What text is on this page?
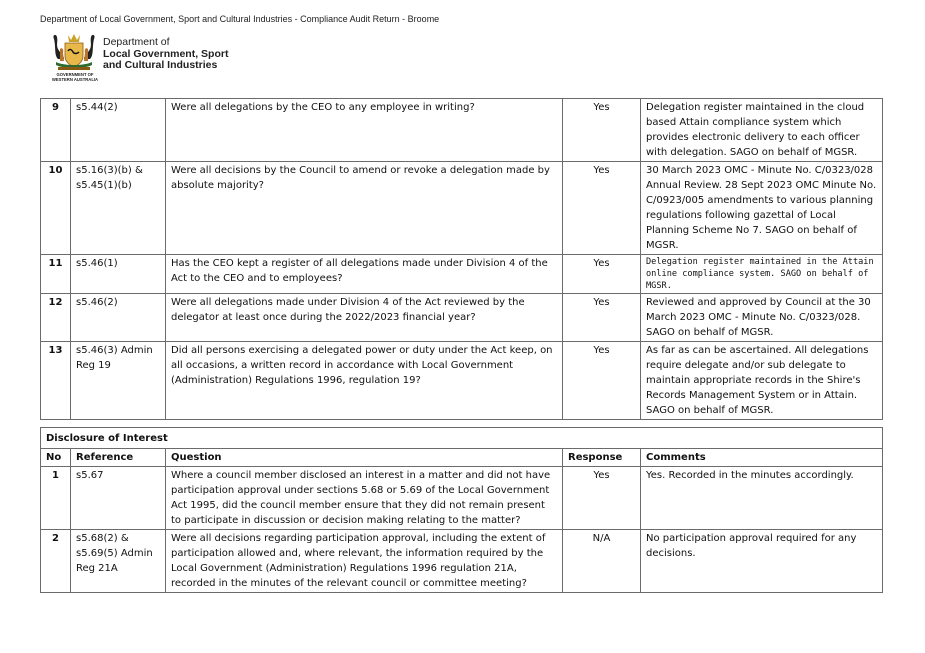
Department of Local Government, Sport and Cultural Industries - Compliance Audit Return - Broome
GOVERNMENT OF
WESTERN AUSTRALIA
Department of
Local Government, Sport
and Cultural Industries
9	s5.44(2)	Were all delegations by the CEO to any employee in writing?	Yes	Delegation register maintained in the cloud based Attain compliance system which provides electronic delivery to each officer with delegation. SAGO on behalf of MGSR.
10	s5.16(3)(b) & s5.45(1)(b)	Were all decisions by the Council to amend or revoke a delegation made by absolute majority?	Yes	30 March 2023 OMC - Minute No. C/0323/028 Annual Review. 28 Sept 2023 OMC Minute No. C/0923/005 amendments to various planning regulations following gazettal of Local Planning Scheme No 7. SAGO on behalf of MGSR.
11	s5.46(1)	Has the CEO kept a register of all delegations made under Division 4 of the Act to the CEO and to employees?	Yes	Delegation register maintained in the Attain online compliance system. SAGO on behalf of MGSR.
12	s5.46(2)	Were all delegations made under Division 4 of the Act reviewed by the delegator at least once during the 2022/2023 financial year?	Yes	Reviewed and approved by Council at the 30 March 2023 OMC - Minute No. C/0323/028. SAGO on behalf of MGSR.
13	s5.46(3) Admin Reg 19	Did all persons exercising a delegated power or duty under the Act keep, on all occasions, a written record in accordance with Local Government (Administration) Regulations 1996, regulation 19?	Yes	As far as can be ascertained. All delegations require delegate and/or sub delegate to maintain appropriate records in the Shire's Records Management System or in Attain. SAGO on behalf of MGSR.
Disclosure of Interest				
No	Reference	Question	Response	Comments
1	s5.67	Where a council member disclosed an interest in a matter and did not have participation approval under sections 5.68 or 5.69 of the Local Government Act 1995, did the council member ensure that they did not remain present to participate in discussion or decision making relating to the matter?	Yes	Yes. Recorded in the minutes accordingly.
2	s5.68(2) & s5.69(5) Admin Reg 21A	Were all decisions regarding participation approval, including the extent of participation allowed and, where relevant, the information required by the Local Government (Administration) Regulations 1996 regulation 21A, recorded in the minutes of the relevant council or committee meeting?	N/A	No participation approval required for any decisions.
